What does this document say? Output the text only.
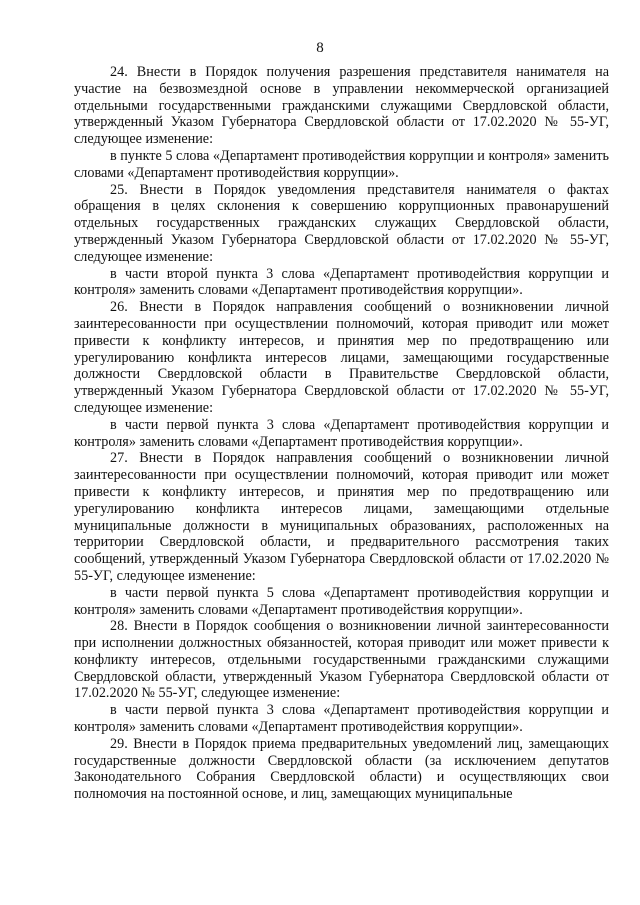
8

24. Внести в Порядок получения разрешения представителя нанимателя на участие на безвозмездной основе в управлении некоммерческой организацией отдельными государственными гражданскими служащими Свердловской области, утвержденный Указом Губернатора Свердловской области от 17.02.2020 № 55-УГ, следующее изменение:

в пункте 5 слова «Департамент противодействия коррупции и контроля» заменить словами «Департамент противодействия коррупции».

25. Внести в Порядок уведомления представителя нанимателя о фактах обращения в целях склонения к совершению коррупционных правонарушений отдельных государственных гражданских служащих Свердловской области, утвержденный Указом Губернатора Свердловской области от 17.02.2020 № 55-УГ, следующее изменение:

в части второй пункта 3 слова «Департамент противодействия коррупции и контроля» заменить словами «Департамент противодействия коррупции».

26. Внести в Порядок направления сообщений о возникновении личной заинтересованности при осуществлении полномочий, которая приводит или может привести к конфликту интересов, и принятия мер по предотвращению или урегулированию конфликта интересов лицами, замещающими государственные должности Свердловской области в Правительстве Свердловской области, утвержденный Указом Губернатора Свердловской области от 17.02.2020 № 55-УГ, следующее изменение:

в части первой пункта 3 слова «Департамент противодействия коррупции и контроля» заменить словами «Департамент противодействия коррупции».

27. Внести в Порядок направления сообщений о возникновении личной заинтересованности при осуществлении полномочий, которая приводит или может привести к конфликту интересов, и принятия мер по предотвращению или урегулированию конфликта интересов лицами, замещающими отдельные муниципальные должности в муниципальных образованиях, расположенных на территории Свердловской области, и предварительного рассмотрения таких сообщений, утвержденный Указом Губернатора Свердловской области от 17.02.2020 № 55-УГ, следующее изменение:

в части первой пункта 5 слова «Департамент противодействия коррупции и контроля» заменить словами «Департамент противодействия коррупции».

28. Внести в Порядок сообщения о возникновении личной заинтересованности при исполнении должностных обязанностей, которая приводит или может привести к конфликту интересов, отдельными государственными гражданскими служащими Свердловской области, утвержденный Указом Губернатора Свердловской области от 17.02.2020 № 55-УГ, следующее изменение:

в части первой пункта 3 слова «Департамент противодействия коррупции и контроля» заменить словами «Департамент противодействия коррупции».

29. Внести в Порядок приема предварительных уведомлений лиц, замещающих государственные должности Свердловской области (за исключением депутатов Законодательного Собрания Свердловской области) и осуществляющих свои полномочия на постоянной основе, и лиц, замещающих муниципальные
